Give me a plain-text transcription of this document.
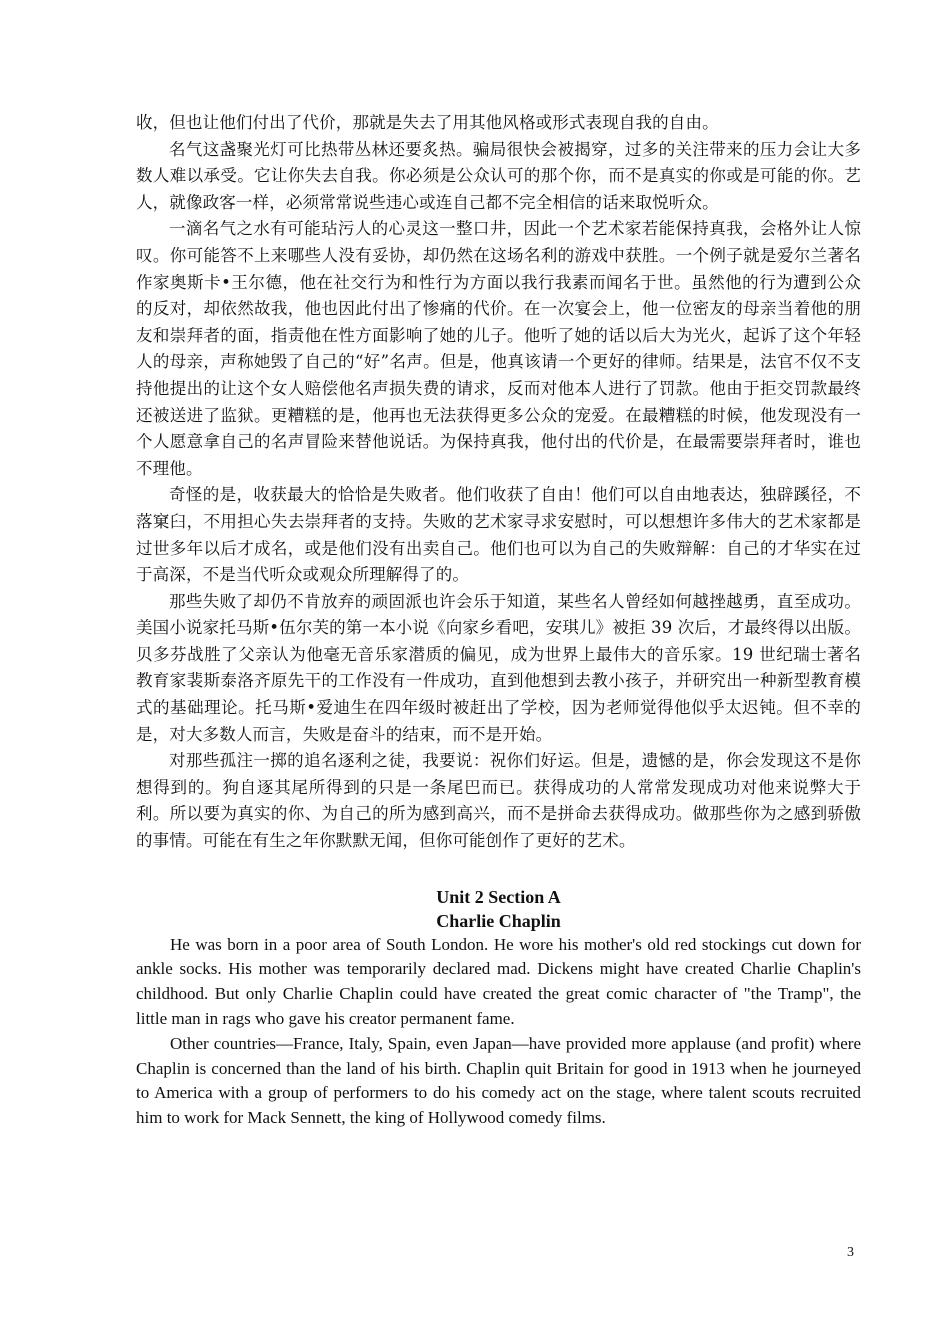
收，但也让他们付出了代价，那就是失去了用其他风格或形式表现自我的自由。

名气这盏聚光灯可比热带丛林还要炙热。骗局很快会被揭穿，过多的关注带来的压力会让大多数人难以承受。它让你失去自我。你必须是公众认可的那个你，而不是真实的你或是可能的你。艺人，就像政客一样，必须常常说些违心或连自己都不完全相信的话来取悦听众。

一滴名气之水有可能玷污人的心灵这一整口井，因此一个艺术家若能保持真我，会格外让人惊叹。你可能答不上来哪些人没有妥协，却仍然在这场名利的游戏中获胜。一个例子就是爱尔兰著名作家奥斯卡•王尔德，他在社交行为和性行为方面以我行我素而闻名于世。虽然他的行为遭到公众的反对，却依然故我，他也因此付出了惨痛的代价。在一次宴会上，他一位密友的母亲当着他的朋友和崇拜者的面，指责他在性方面影响了她的儿子。他听了她的话以后大为光火，起诉了这个年轻人的母亲，声称她毁了自己的“好”名声。但是，他真该请一个更好的律师。结果是，法官不仅不支持他提出的让这个女人赔偿他名声损失费的请求，反而对他本人进行了罚款。他由于拒交罚款最终还被送进了监狱。更糟糕的是，他再也无法获得更多公众的宠爱。在最糟糕的时候，他发现没有一个人愿意拿自己的名声冒险来替他说话。为保持真我，他付出的代价是，在最需要崇拜者时，谁也不理他。

奇怪的是，收获最大的恰恰是失败者。他们收获了自由！他们可以自由地表达，独辟蹊径，不落窠臼，不用担心失去崇拜者的支持。失败的艺术家寻求安慰时，可以想想许多伟大的艺术家都是过世多年以后才成名，或是他们没有出卖自己。他们也可以为自己的失败辩解：自己的才华实在过于高深，不是当代听众或观众所理解得了的。

那些失败了却仍不肯放弃的顽固派也许会乐于知道，某些名人曾经如何越挫越勇，直至成功。美国小说家托马斯•伍尔芙的第一本小说《向家乡看吧，安琪儿》被拒 39 次后，才最终得以出版。贝多芬战胜了父亲认为他毫无音乐家潜质的偏见，成为世界上最伟大的音乐家。19 世纪瑞士著名教育家裴斯泰洛齐原先干的工作没有一件成功，直到他想到去教小孩子，并研究出一种新型教育模式的基础理论。托马斯•爱迪生在四年级时被赶出了学校，因为老师觉得他似乎太迟钝。但不幸的是，对大多数人而言，失败是奋斗的结束，而不是开始。

对那些孤注一掷的追名逐利之徒，我要说：祝你们好运。但是，遗憾的是，你会发现这不是你想得到的。狗自逐其尾所得到的只是一条尾巴而已。获得成功的人常常发现成功对他来说弊大于利。所以要为真实的你、为自己的所为感到高兴，而不是拼命去获得成功。做那些你为之感到骄傲的事情。可能在有生之年你默默无闻，但你可能创作了更好的艺术。

Unit 2 Section A

Charlie Chaplin

He was born in a poor area of South London. He wore his mother's old red stockings cut down for ankle socks. His mother was temporarily declared mad. Dickens might have created Charlie Chaplin's childhood. But only Charlie Chaplin could have created the great comic character of "the Tramp", the little man in rags who gave his creator permanent fame.

Other countries—France, Italy, Spain, even Japan—have provided more applause (and profit) where Chaplin is concerned than the land of his birth. Chaplin quit Britain for good in 1913 when he journeyed to America with a group of performers to do his comedy act on the stage, where talent scouts recruited him to work for Mack Sennett, the king of Hollywood comedy films.

3
